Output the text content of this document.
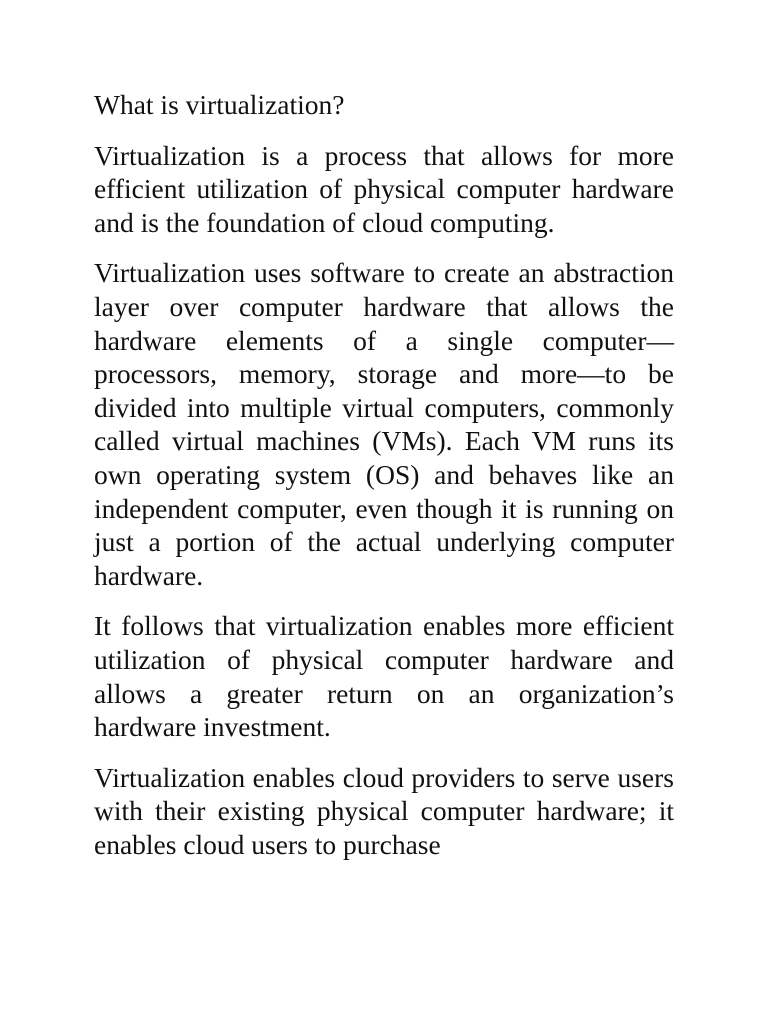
What is virtualization?

Virtualization is a process that allows for more efficient utilization of physical computer hardware and is the foundation of cloud computing.

Virtualization uses software to create an abstraction layer over computer hardware that allows the hardware elements of a single computer—processors, memory, storage and more—to be divided into multiple virtual computers, commonly called virtual machines (VMs). Each VM runs its own operating system (OS) and behaves like an independent computer, even though it is running on just a portion of the actual underlying computer hardware.

It follows that virtualization enables more efficient utilization of physical computer hardware and allows a greater return on an organization’s hardware investment.

Virtualization enables cloud providers to serve users with their existing physical computer hardware; it enables cloud users to purchase
